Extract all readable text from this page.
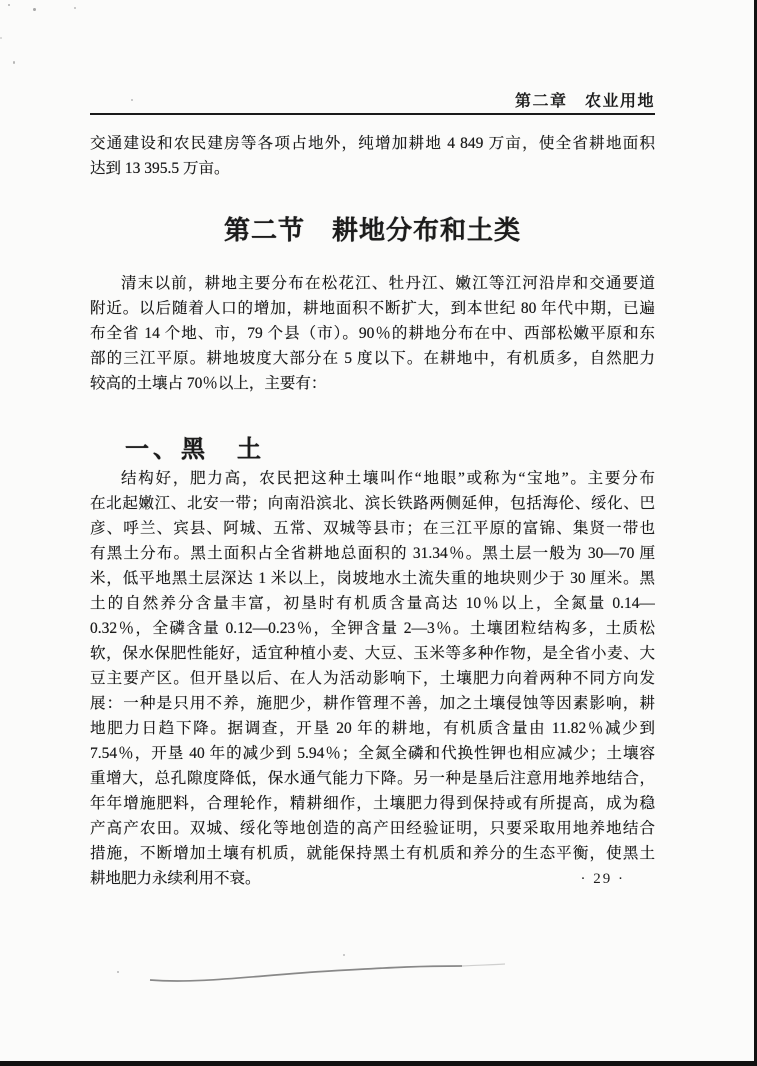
第二章　农业用地
交通建设和农民建房等各项占地外，纯增加耕地 4 849 万亩，使全省耕地面积
达到 13 395.5 万亩。
第二节　耕地分布和土类
清末以前，耕地主要分布在松花江、牡丹江、嫩江等江河沿岸和交通要道
附近。以后随着人口的增加，耕地面积不断扩大，到本世纪 80 年代中期，已遍
布全省 14 个地、市，79 个县（市）。90％的耕地分布在中、西部松嫩平原和东
部的三江平原。耕地坡度大部分在 5 度以下。在耕地中，有机质多，自然肥力
较高的土壤占 70％以上，主要有：
一、黑　土
结构好，肥力高，农民把这种土壤叫作“地眼”或称为“宝地”。主要分布
在北起嫩江、北安一带；向南沿滨北、滨长铁路两侧延伸，包括海伦、绥化、巴
彦、呼兰、宾县、阿城、五常、双城等县市；在三江平原的富锦、集贤一带也
有黑土分布。黑土面积占全省耕地总面积的 31.34％。黑土层一般为 30—70 厘
米，低平地黑土层深达 1 米以上，岗坡地水土流失重的地块则少于 30 厘米。黑
土的自然养分含量丰富，初垦时有机质含量高达 10％以上，全氮量 0.14—
0.32％，全磷含量 0.12—0.23％，全钾含量 2—3％。土壤团粒结构多，土质松
软，保水保肥性能好，适宜种植小麦、大豆、玉米等多种作物，是全省小麦、大
豆主要产区。但开垦以后、在人为活动影响下，土壤肥力向着两种不同方向发
展：一种是只用不养，施肥少，耕作管理不善，加之土壤侵蚀等因素影响，耕
地肥力日趋下降。据调查，开垦 20 年的耕地，有机质含量由 11.82％减少到
7.54％，开垦 40 年的减少到 5.94％；全氮全磷和代换性钾也相应减少；土壤容
重增大，总孔隙度降低，保水通气能力下降。另一种是垦后注意用地养地结合，
年年增施肥料，合理轮作，精耕细作，土壤肥力得到保持或有所提高，成为稳
产高产农田。双城、绥化等地创造的高产田经验证明，只要采取用地养地结合
措施，不断增加土壤有机质，就能保持黑土有机质和养分的生态平衡，使黑土
耕地肥力永续利用不衰。	· 29 ·
